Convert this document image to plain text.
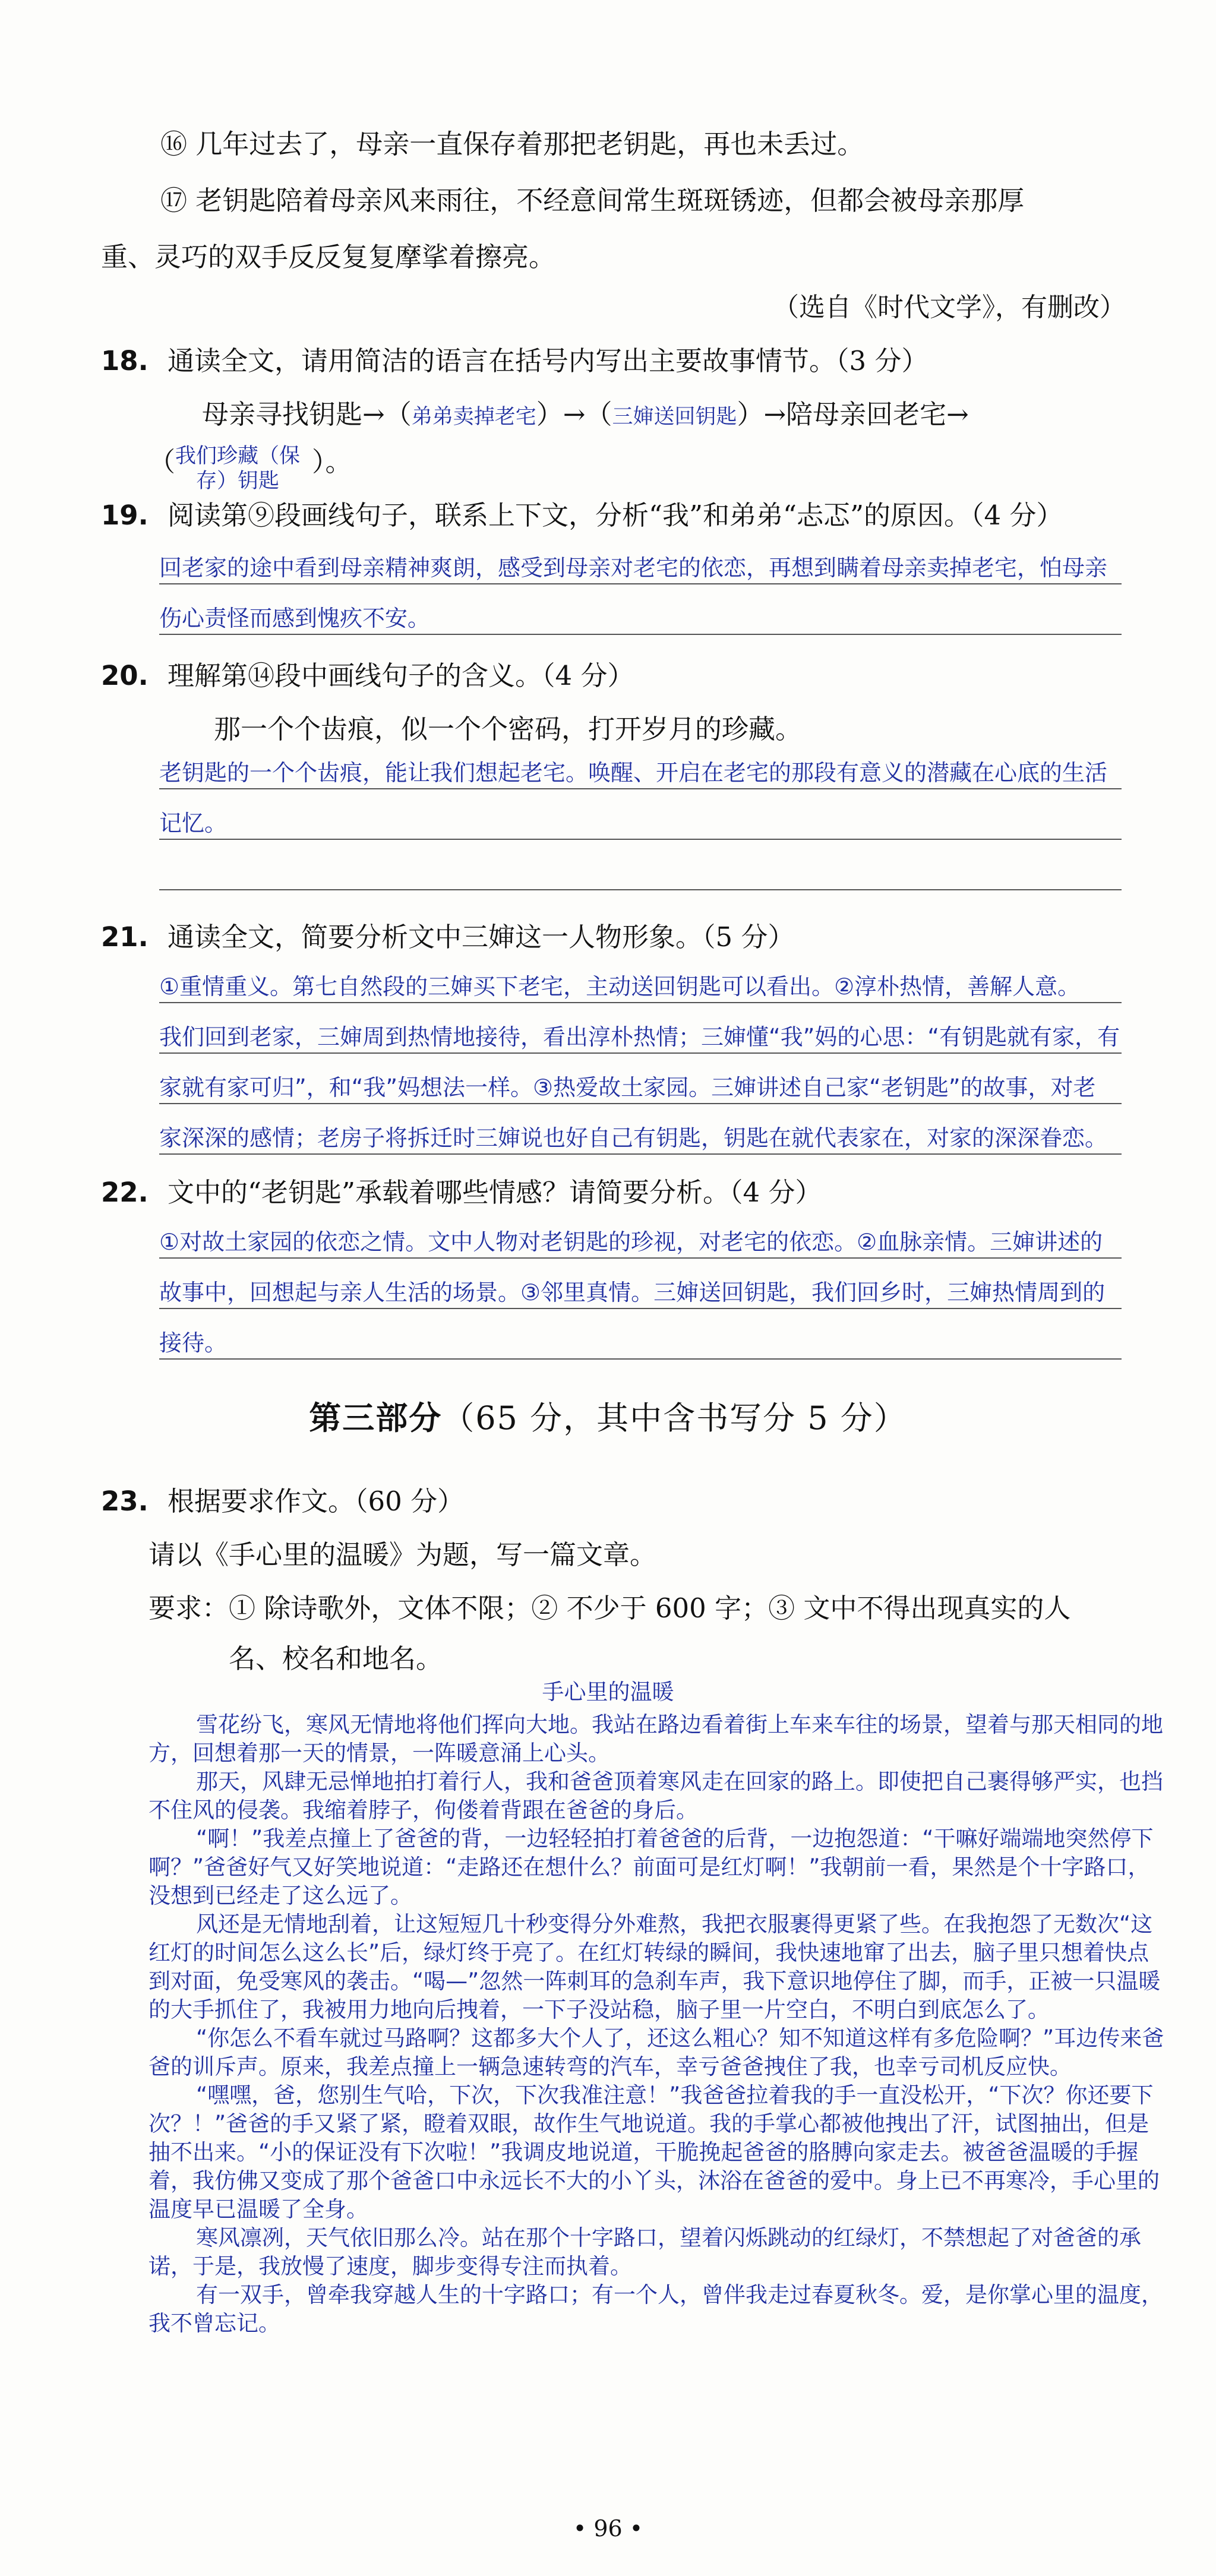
⑯ 几年过去了，母亲一直保存着那把老钥匙，再也未丢过。
⑰ 老钥匙陪着母亲风来雨往，不经意间常生斑斑锈迹，但都会被母亲那厚
重、灵巧的双手反反复复摩挲着擦亮。
（选自《时代文学》，有删改）
18. 通读全文，请用简洁的语言在括号内写出主要故事情节。（3 分）
母亲寻找钥匙→（弟弟卖掉老宅）→（三婶送回钥匙）→陪母亲回老宅→
（ 我们珍藏（保
存）钥匙
）。
19. 阅读第⑨段画线句子，联系上下文，分析“我”和弟弟“忐忑”的原因。（4 分）
回老家的途中看到母亲精神爽朗，感受到母亲对老宅的依恋，再想到瞒着母亲卖掉老宅，怕母亲
伤心责怪而感到愧疚不安。
20. 理解第⑭段中画线句子的含义。（4 分）
那一个个齿痕，似一个个密码，打开岁月的珍藏。
老钥匙的一个个齿痕，能让我们想起老宅。唤醒、开启在老宅的那段有意义的潜藏在心底的生活
记忆。
21. 通读全文，简要分析文中三婶这一人物形象。（5 分）
①重情重义。第七自然段的三婶买下老宅，主动送回钥匙可以看出。②淳朴热情，善解人意。
我们回到老家，三婶周到热情地接待，看出淳朴热情；三婶懂“我”妈的心思：“有钥匙就有家，有
家就有家可归”，和“我”妈想法一样。③热爱故土家园。三婶讲述自己家“老钥匙”的故事，对老
家深深的感情；老房子将拆迁时三婶说也好自己有钥匙，钥匙在就代表家在，对家的深深眷恋。
22. 文中的“老钥匙”承载着哪些情感？请简要分析。（4 分）
①对故土家园的依恋之情。文中人物对老钥匙的珍视，对老宅的依恋。②血脉亲情。三婶讲述的
故事中，回想起与亲人生活的场景。③邻里真情。三婶送回钥匙，我们回乡时，三婶热情周到的
接待。
第三部分（65 分，其中含书写分 5 分）
23. 根据要求作文。（60 分）
请以《手心里的温暖》为题，写一篇文章。
要求：① 除诗歌外，文体不限；② 不少于 600 字；③ 文中不得出现真实的人
名、校名和地名。
手心里的温暖

雪花纷飞，寒风无情地将他们挥向大地。我站在路边看着街上车来车往的场景，望着与那天相同的地方，回想着那一天的情景，一阵暖意涌上心头。

那天，风肆无忌惮地拍打着行人，我和爸爸顶着寒风走在回家的路上。即使把自己裹得够严实，也挡不住风的侵袭。我缩着脖子，佝偻着背跟在爸爸的身后。

“啊！”我差点撞上了爸爸的背，一边轻轻拍打着爸爸的后背，一边抱怨道：“干嘛好端端地突然停下啊？”爸爸好气又好笑地说道：“走路还在想什么？前面可是红灯啊！”我朝前一看，果然是个十字路口，没想到已经走了这么远了。

风还是无情地刮着，让这短短几十秒变得分外难熬，我把衣服裹得更紧了些。在我抱怨了无数次“这红灯的时间怎么这么长”后，绿灯终于亮了。在红灯转绿的瞬间，我快速地窜了出去，脑子里只想着快点到对面，免受寒风的袭击。“喝—”忽然一阵刺耳的急刹车声，我下意识地停住了脚，而手，正被一只温暖的大手抓住了，我被用力地向后拽着，一下子没站稳，脑子里一片空白，不明白到底怎么了。

“你怎么不看车就过马路啊？这都多大个人了，还这么粗心？知不知道这样有多危险啊？”耳边传来爸爸的训斥声。原来，我差点撞上一辆急速转弯的汽车，幸亏爸爸拽住了我，也幸亏司机反应快。

“嘿嘿，爸，您别生气哈，下次，下次我准注意！”我爸爸拉着我的手一直没松开，“下次？你还要下次？！”爸爸的手又紧了紧，瞪着双眼，故作生气地说道。我的手掌心都被他拽出了汗，试图抽出，但是抽不出来。“小的保证没有下次啦！”我调皮地说道，干脆挽起爸爸的胳膊向家走去。被爸爸温暖的手握着，我仿佛又变成了那个爸爸口中永远长不大的小丫头，沐浴在爸爸的爱中。身上已不再寒冷，手心里的温度早已温暖了全身。

寒风凛冽，天气依旧那么冷。站在那个十字路口，望着闪烁跳动的红绿灯，不禁想起了对爸爸的承诺，于是，我放慢了速度，脚步变得专注而执着。

有一双手，曾牵我穿越人生的十字路口；有一个人，曾伴我走过春夏秋冬。爱，是你掌心里的温度，我不曾忘记。

• 96 •
